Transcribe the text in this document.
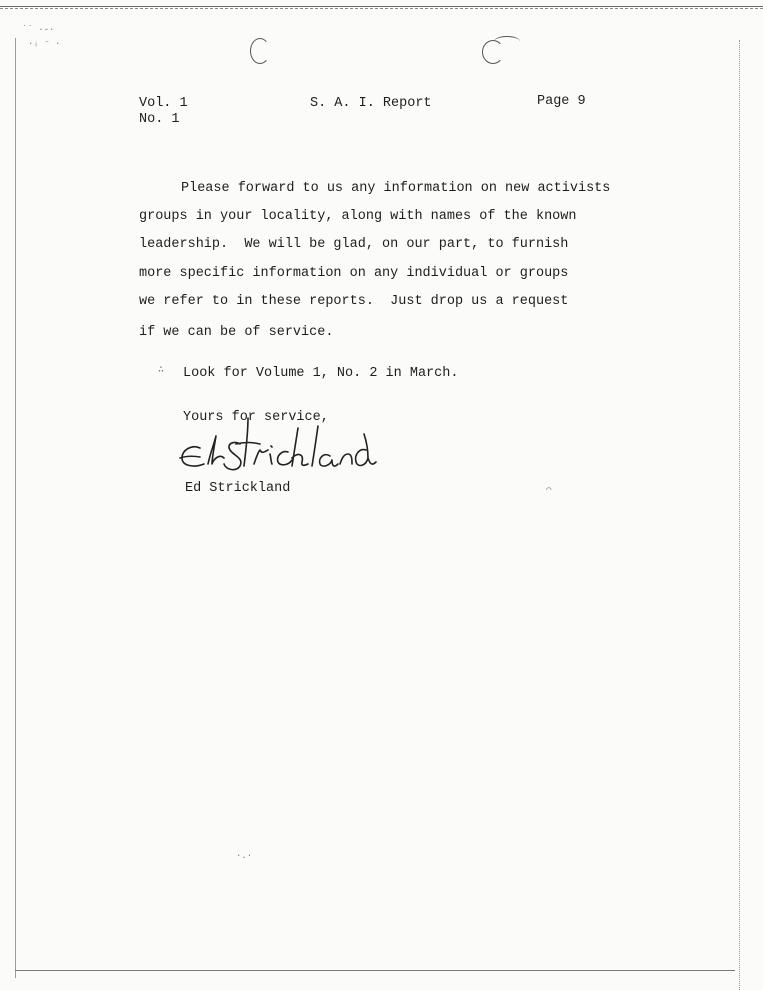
˙˙ ·-·
·ᵢ ⁻ ·
∴
⌒
·.·
Vol. 1
No. 1
S. A. I. Report	Page 9
Please forward to us any information on new activists
groups in your locality, along with names of the known
leadership.  We will be glad, on our part, to furnish
more specific information on any individual or groups
we refer to in these reports.  Just drop us a request
if we can be of service.
Look for Volume 1, No. 2 in March.
Yours for service,
Ed Strickland
